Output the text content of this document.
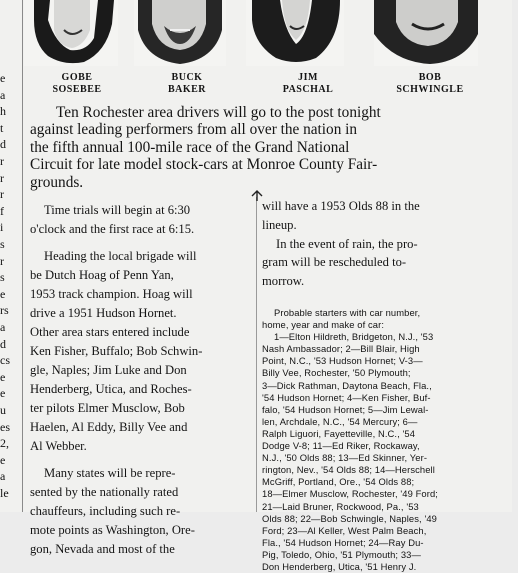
e
a
h
t
d
r
r
r
f
i
s
r
s
e
rs
a
d
cs
e
e
u
es
2,
e
a
le
GOBE
SOSEBEE
BUCK
BAKER
JIM
PASCHAL
BOB
SCHWINGLE
Ten Rochester area drivers will go to the post tonight
against leading performers from all over the nation in
the fifth annual 100-mile race of the Grand National
Circuit for late model stock-cars at Monroe County Fair-
grounds.
Time trials will begin at 6:30
o'clock and the first race at 6:15.
Heading the local brigade will
be Dutch Hoag of Penn Yan,
1953 track champion. Hoag will
drive a 1951 Hudson Hornet.
Other area stars entered include
Ken Fisher, Buffalo; Bob Schwin-
gle, Naples; Jim Luke and Don
Henderberg, Utica, and Roches-
ter pilots Elmer Musclow, Bob
Haelen, Al Eddy, Billy Vee and
Al Webber.
Many states will be repre-
sented by the nationally rated
chauffeurs, including such re-
mote points as Washington, Ore-
gon, Nevada and most of the
will have a 1953 Olds 88 in the
lineup.
In the event of rain, the pro-
gram will be rescheduled to-
morrow.
Probable starters with car number,
home, year and make of car:
1—Elton Hildreth, Bridgeton, N.J., '53
Nash Ambassador; 2—Bill Blair, High
Point, N.C., '53 Hudson Hornet; V-3—
Billy Vee, Rochester, '50 Plymouth;
3—Dick Rathman, Daytona Beach, Fla.,
'54 Hudson Hornet; 4—Ken Fisher, Buf-
falo, '54 Hudson Hornet; 5—Jim Lewal-
len, Archdale, N.C., '54 Mercury; 6—
Ralph Liguori, Fayetteville, N.C., '54
Dodge V-8; 11—Ed Riker, Rockaway,
N.J., '50 Olds 88; 13—Ed Skinner, Yer-
rington, Nev., '54 Olds 88; 14—Herschell
McGriff, Portland, Ore., '54 Olds 88;
18—Elmer Musclow, Rochester, '49 Ford;
21—Laid Bruner, Rockwood, Pa., '53
Olds 88; 22—Bob Schwingle, Naples, '49
Ford; 23—Al Keller, West Palm Beach,
Fla., '54 Hudson Hornet; 24—Ray Du-
Pig, Toledo, Ohio, '51 Plymouth; 33—
Don Henderberg, Utica, '51 Henry J.
